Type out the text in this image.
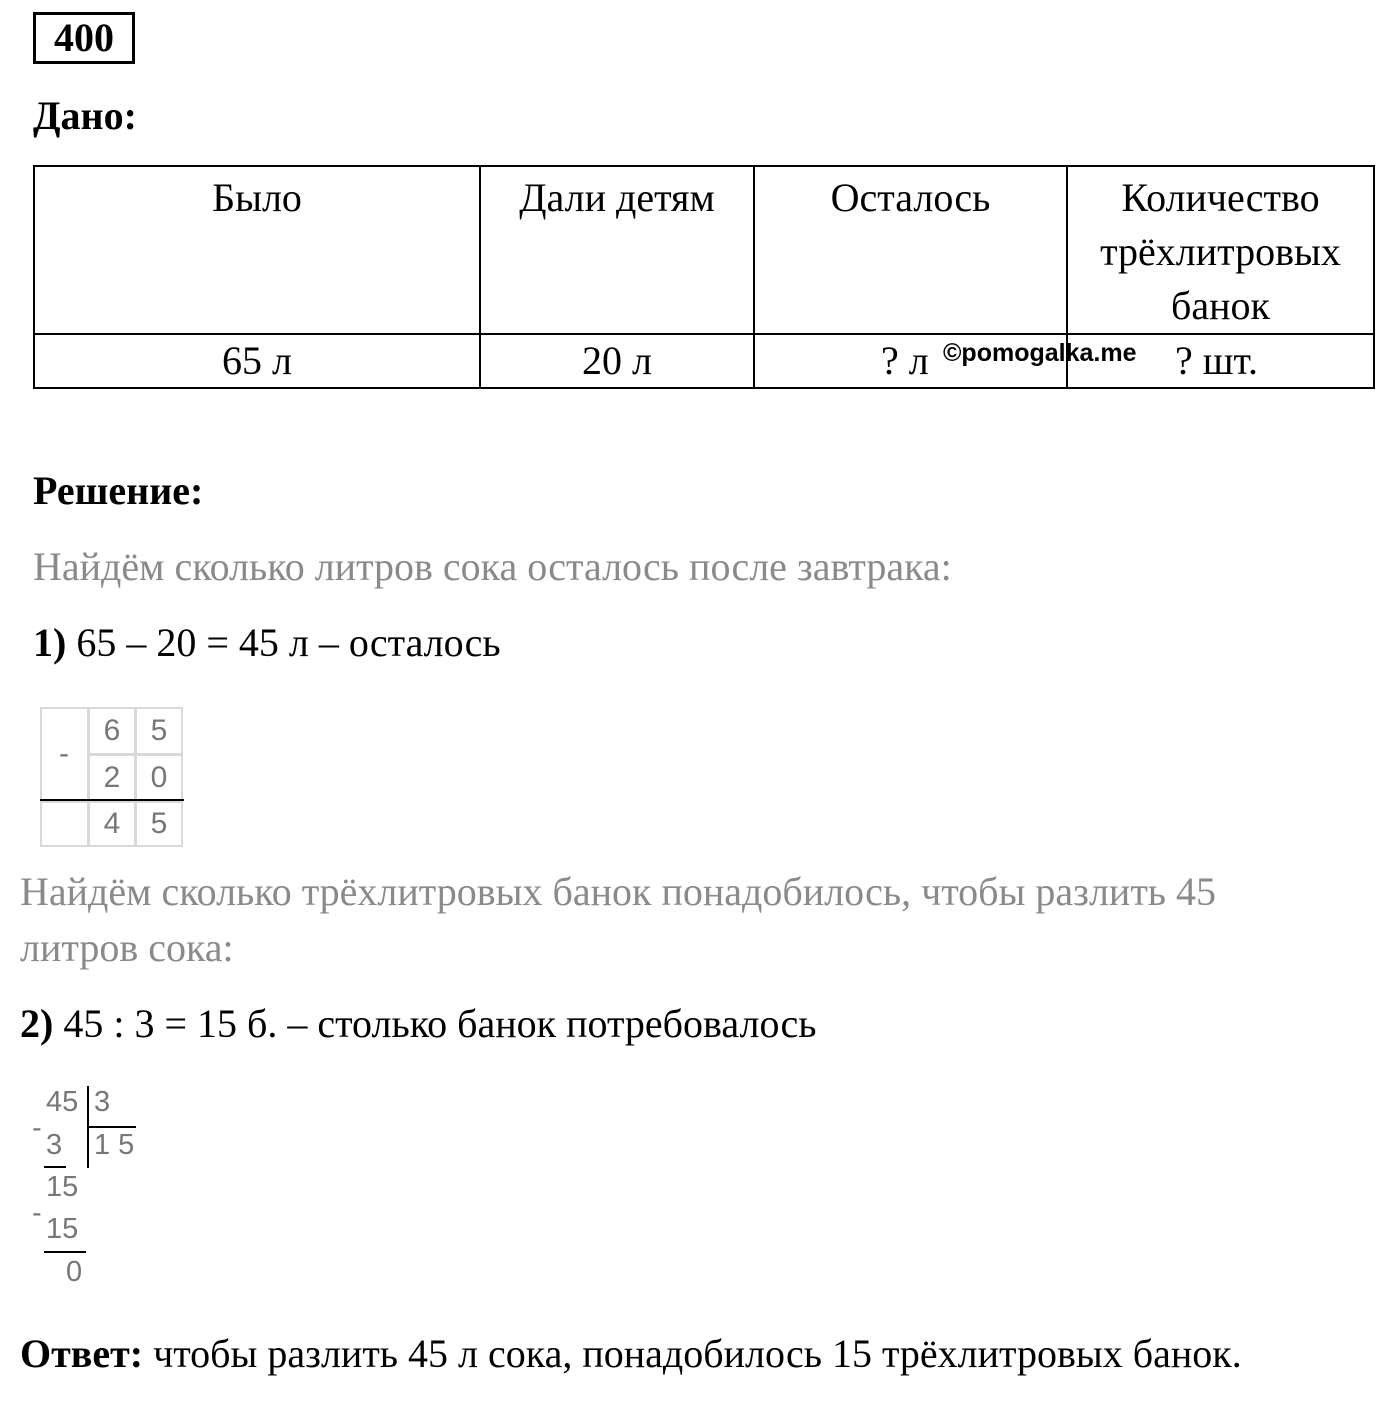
400
Дано:
Было	Дали детям	Осталось	Количество трёхлитровых банок
65 л	20 л	? л	? шт.
©pomogalka.me
Решение:
Найдём сколько литров сока осталось после завтрака:
1) 65 – 20 = 45 л – осталось
-
6	5
2	0
4	5
Найдём сколько трёхлитровых банок понадобилось, чтобы разлить 45
литров сока:
2) 45 : 3 = 15 б. – столько банок потребовалось
45 3
1 5
-
3
15
- 15
0
Ответ: чтобы разлить 45 л сока, понадобилось 15 трёхлитровых банок.
